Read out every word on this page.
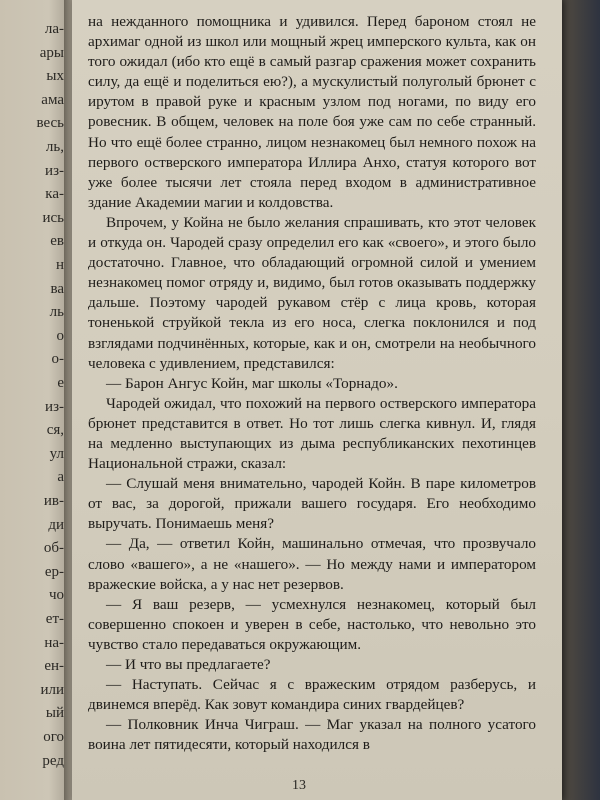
ла-
ары
ых
ама
весь
ль,
из-
ка-
ись
ев
н
ва
ль
о
о-
е
из-
ся,
ул
а
ив-
ди
об-
ер-
чо
ет-
на-
ен-
или
ый
ого
ред

на нежданного помощника и удивился. Перед бароном стоял не архимаг одной из школ или мощный жрец имперского культа, как он того ожидал (ибо кто ещё в самый разгар сражения может сохранить силу, да ещё и поделиться ею?), а мускулистый полуголый брюнет с ирутом в правой руке и красным узлом под ногами, по виду его ровесник. В общем, человек на поле боя уже сам по себе странный. Но что ещё более странно, лицом незнакомец был немного похож на первого остверского императора Иллира Анхо, статуя которого вот уже более тысячи лет стояла перед входом в административное здание Академии магии и колдовства.

Впрочем, у Койна не было желания спрашивать, кто этот человек и откуда он. Чародей сразу определил его как «своего», и этого было достаточно. Главное, что обладающий огромной силой и умением незнакомец помог отряду и, видимо, был готов оказывать поддержку дальше. Поэтому чародей рукавом стёр с лица кровь, которая тоненькой струйкой текла из его носа, слегка поклонился и под взглядами подчинённых, которые, как и он, смотрели на необычного человека с удивлением, представился:

— Барон Ангус Койн, маг школы «Торнадо».

Чародей ожидал, что похожий на первого остверского императора брюнет представится в ответ. Но тот лишь слегка кивнул. И, глядя на медленно выступающих из дыма республиканских пехотинцев Национальной стражи, сказал:

— Слушай меня внимательно, чародей Койн. В паре километров от вас, за дорогой, прижали вашего государя. Его необходимо выручать. Понимаешь меня?

— Да, — ответил Койн, машинально отмечая, что прозвучало слово «вашего», а не «нашего». — Но между нами и императором вражеские войска, а у нас нет резервов.

— Я ваш резерв, — усмехнулся незнакомец, который был совершенно спокоен и уверен в себе, настолько, что невольно это чувство стало передаваться окружающим.

— И что вы предлагаете?

— Наступать. Сейчас я с вражеским отрядом разберусь, и двинемся вперёд. Как зовут командира синих гвардейцев?

— Полковник Инча Чиграш. — Маг указал на полного усатого воина лет пятидесяти, который находился в

13
